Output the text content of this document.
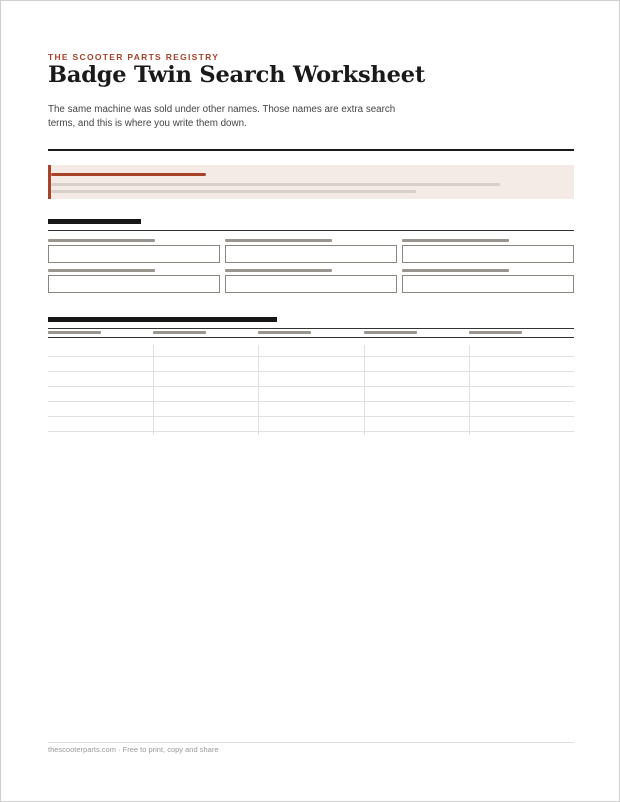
THE SCOOTER PARTS REGISTRY
Badge Twin Search Worksheet

The same machine was sold under other names. Those names are extra search terms, and this is where you write them down.

thescooterparts.com · Free to print, copy and share
